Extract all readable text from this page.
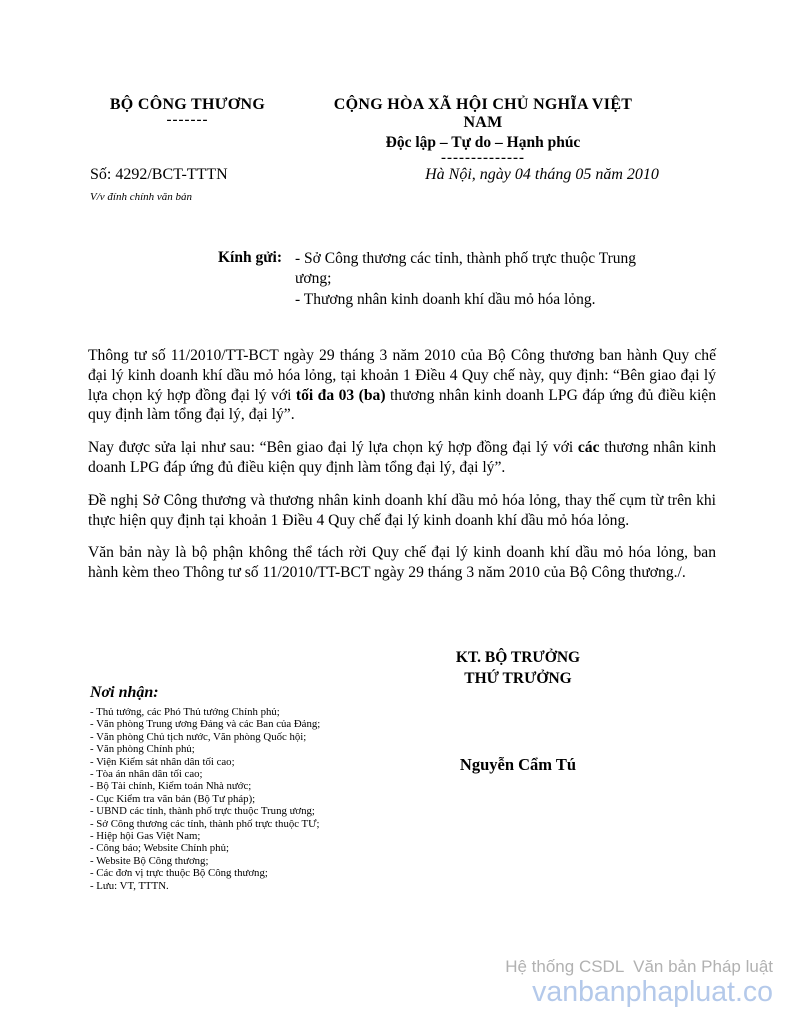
BỘ CÔNG THƯƠNG
-------
CỘNG HÒA XÃ HỘI CHỦ NGHĨA VIỆT NAM
Độc lập – Tự do – Hạnh phúc
--------------
Số: 4292/BCT-TTTN	Hà Nội, ngày 04 tháng 05 năm 2010
V/v đính chính văn bản
Kính gửi: - Sở Công thương các tỉnh, thành phố trực thuộc Trung ương;
- Thương nhân kinh doanh khí dầu mỏ hóa lỏng.

Thông tư số 11/2010/TT-BCT ngày 29 tháng 3 năm 2010 của Bộ Công thương ban hành Quy chế đại lý kinh doanh khí dầu mỏ hóa lỏng, tại khoản 1 Điều 4 Quy chế này, quy định: “Bên giao đại lý lựa chọn ký hợp đồng đại lý với tối đa 03 (ba) thương nhân kinh doanh LPG đáp ứng đủ điều kiện quy định làm tổng đại lý, đại lý”.

Nay được sửa lại như sau: “Bên giao đại lý lựa chọn ký hợp đồng đại lý với các thương nhân kinh doanh LPG đáp ứng đủ điều kiện quy định làm tổng đại lý, đại lý”.

Đề nghị Sở Công thương và thương nhân kinh doanh khí dầu mỏ hóa lỏng, thay thế cụm từ trên khi thực hiện quy định tại khoản 1 Điều 4 Quy chế đại lý kinh doanh khí dầu mỏ hóa lỏng.

Văn bản này là bộ phận không thể tách rời Quy chế đại lý kinh doanh khí dầu mỏ hóa lỏng, ban hành kèm theo Thông tư số 11/2010/TT-BCT ngày 29 tháng 3 năm 2010 của Bộ Công thương./.

KT. BỘ TRƯỞNG
THỨ TRƯỞNG
Nguyễn Cẩm Tú
Nơi nhận:
- Thủ tướng, các Phó Thủ tướng Chính phủ;
- Văn phòng Trung ương Đảng và các Ban của Đảng;
- Văn phòng Chủ tịch nước, Văn phòng Quốc hội;
- Văn phòng Chính phủ;
- Viện Kiểm sát nhân dân tối cao;
- Tòa án nhân dân tối cao;
- Bộ Tài chính, Kiểm toán Nhà nước;
- Cục Kiểm tra văn bản (Bộ Tư pháp);
- UBND các tỉnh, thành phố trực thuộc Trung ương;
- Sở Công thương các tỉnh, thành phố trực thuộc TƯ;
- Hiệp hội Gas Việt Nam;
- Công báo; Website Chính phủ;
- Website Bộ Công thương;
- Các đơn vị trực thuộc Bộ Công thương;
- Lưu: VT, TTTN.
Hệ thống CSDL  Văn bản Pháp luật
vanbanphapluat.co
